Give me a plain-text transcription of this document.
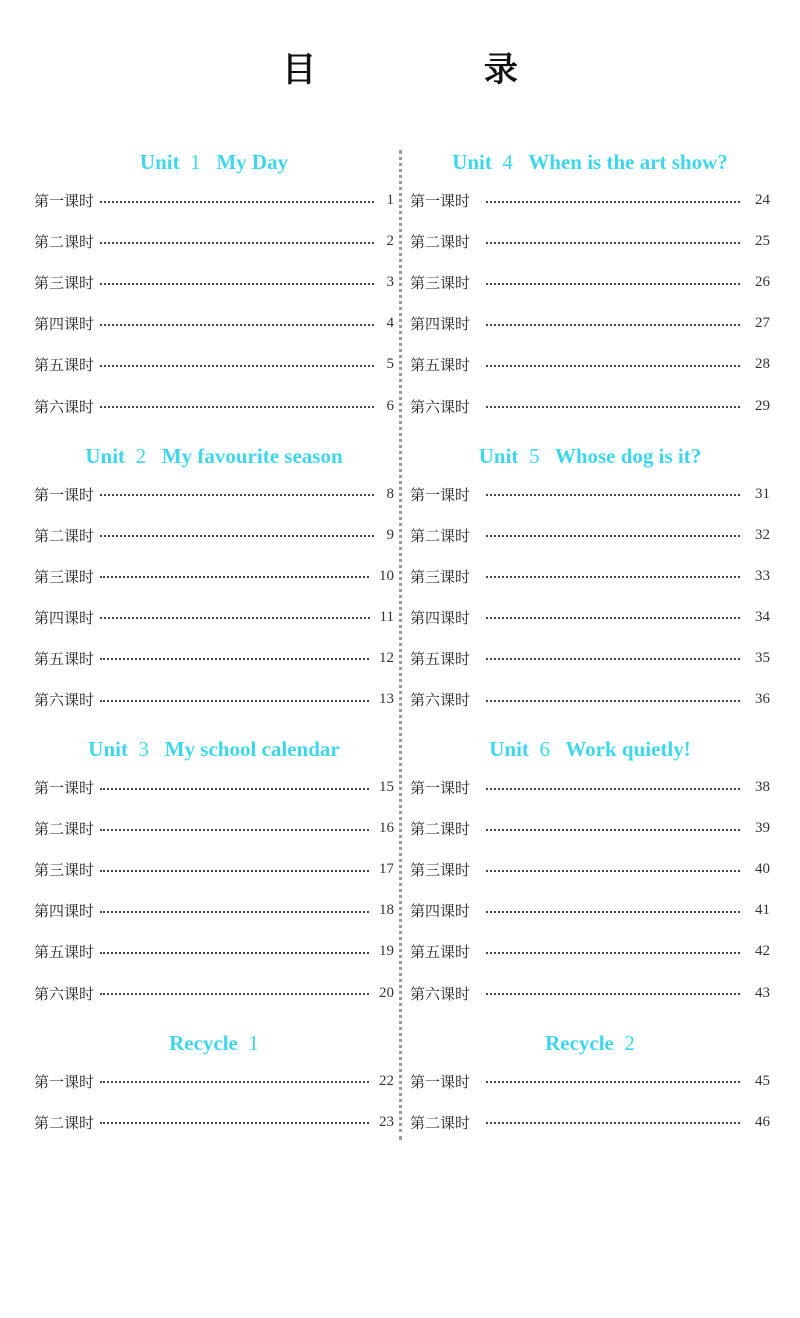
目 录
Unit 1 My Day
第一课时	1
第二课时	2
第三课时	3
第四课时	4
第五课时	5
第六课时	6
Unit 2 My favourite season
第一课时	8
第二课时	9
第三课时	10
第四课时	11
第五课时	12
第六课时	13
Unit 3 My school calendar
第一课时	15
第二课时	16
第三课时	17
第四课时	18
第五课时	19
第六课时	20
Recycle 1
第一课时	22
第二课时	23
Unit 4 When is the art show?
第一课时	24
第二课时	25
第三课时	26
第四课时	27
第五课时	28
第六课时	29
Unit 5 Whose dog is it?
第一课时	31
第二课时	32
第三课时	33
第四课时	34
第五课时	35
第六课时	36
Unit 6 Work quietly!
第一课时	38
第二课时	39
第三课时	40
第四课时	41
第五课时	42
第六课时	43
Recycle 2
第一课时	45
第二课时	46
